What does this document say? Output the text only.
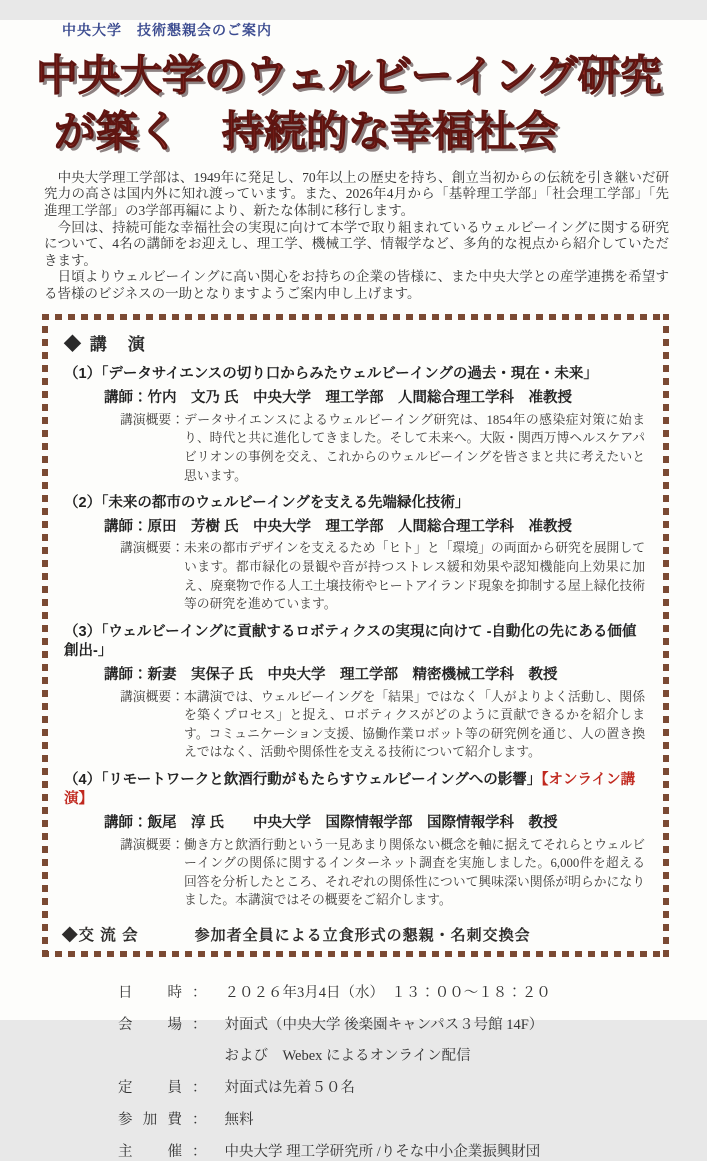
中央大学　技術懇親会のご案内
中央大学のウェルビーイング研究
が築く　持続的な幸福社会

　中央大学理工学部は、1949年に発足し、70年以上の歴史を持ち、創立当初からの伝統を引き継いだ研究力の高さは国内外に知れ渡っています。また、2026年4月から「基幹理工学部」「社会理工学部」「先進理工学部」の3学部再編により、新たな体制に移行します。

　今回は、持続可能な幸福社会の実現に向けて本学で取り組まれているウェルビーイングに関する研究について、4名の講師をお迎えし、理工学、機械工学、情報学など、多角的な視点から紹介していただきます。

　日頃よりウェルビーイングに高い関心をお持ちの企業の皆様に、また中央大学との産学連携を希望する皆様のビジネスの一助となりますようご案内申し上げます。

◆ 講　演
（1）「データサイエンスの切り口からみたウェルビーイングの過去・現在・未来」
講師：竹内　文乃 氏　中央大学　理工学部　人間総合理工学科　准教授
講演概要： データサイエンスによるウェルビーイング研究は、1854年の感染症対策に始まり、時代と共に進化してきました。そして未来へ。大阪・関西万博ヘルスケアパビリオンの事例を交え、これからのウェルビーイングを皆さまと共に考えたいと思います。
（2）「未来の都市のウェルビーイングを支える先端緑化技術」
講師：原田　芳樹 氏　中央大学　理工学部　人間総合理工学科　准教授
講演概要： 未来の都市デザインを支えるため「ヒト」と「環境」の両面から研究を展開しています。都市緑化の景観や音が持つストレス緩和効果や認知機能向上効果に加え、廃棄物で作る人工土壌技術やヒートアイランド現象を抑制する屋上緑化技術等の研究を進めています。
（3）「ウェルビーイングに貢献するロボティクスの実現に向けて -自動化の先にある価値創出-」
講師：新妻　実保子 氏　中央大学　理工学部　精密機械工学科　教授
講演概要： 本講演では、ウェルビーイングを「結果」ではなく「人がよりよく活動し、関係を築くプロセス」と捉え、ロボティクスがどのように貢献できるかを紹介します。コミュニケーション支援、協働作業ロボット等の研究例を通じ、人の置き換えではなく、活動や関係性を支える技術について紹介します。
（4）「リモートワークと飲酒行動がもたらすウェルビーイングへの影響」【オンライン講演】
講師：飯尾　淳 氏　　中央大学　国際情報学部　国際情報学科　教授
講演概要： 働き方と飲酒行動という一見あまり関係ない概念を軸に据えてそれらとウェルビーイングの関係に関するインターネット調査を実施しました。6,000件を超える回答を分析したところ、それぞれの関係性について興味深い関係が明らかになりました。本講演ではその概要をご紹介します。
◆交 流 会	参加者全員による立食形式の懇親・名刺交換会
日時 ： ２０２６年3月4日（水）　１３：００～１８：２０
会場 ： 対面式（中央大学 後楽園キャンパス３号館 14F）
および　Webex によるオンライン配信
定員 ： 対面式は先着５０名
参加費 ： 無料
主催 ： 中央大学 理工学研究所 /りそな中小企業振興財団
